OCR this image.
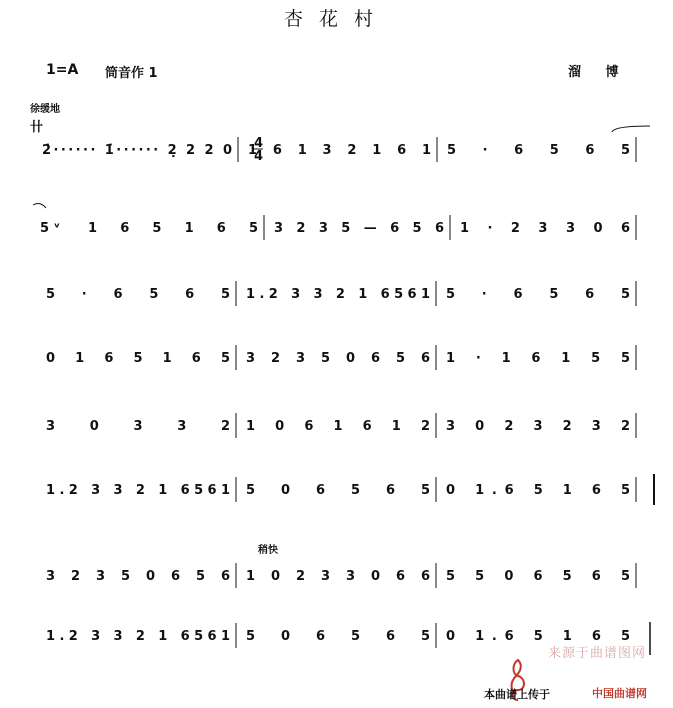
杏花村
1=A 筒音作 1	溜 博
徐缓地
卄
稍快
4
4
2̇······ 1̇······ 2̣ 2 2 0 1 6 1 3 2 1 6 1 5 · 6 5 6 5
5 ᵛ 1 6 5 1 6 5 3 2 3 5 — 6 5 6 1 · 2 3 3 0 6
5 · 6 5 6 5 1.2 3 3 2 1 6561 5 · 6 5 6 5
0 1 6 5 1 6 5 3 2 3 5 0 6 5 6 1 · 1 6 1 5 5
3 0 3 3 2 1 0 6 1 6 1 2 3 0 2 3 2 3 2
1.2 3 3 2 1 6561 5 0 6 5 6 5 0 1.6 5 1 6 5
3 2 3 5 0 6 5 6 1 0 2 3 3 0 6 6 5 5 0 6 5 6 5
1.2 3 3 2 1 6561 5 0 6 5 6 5 0 1.6 5 1 6 5
来源于曲谱图网
本曲谱上传于	中国曲谱网
